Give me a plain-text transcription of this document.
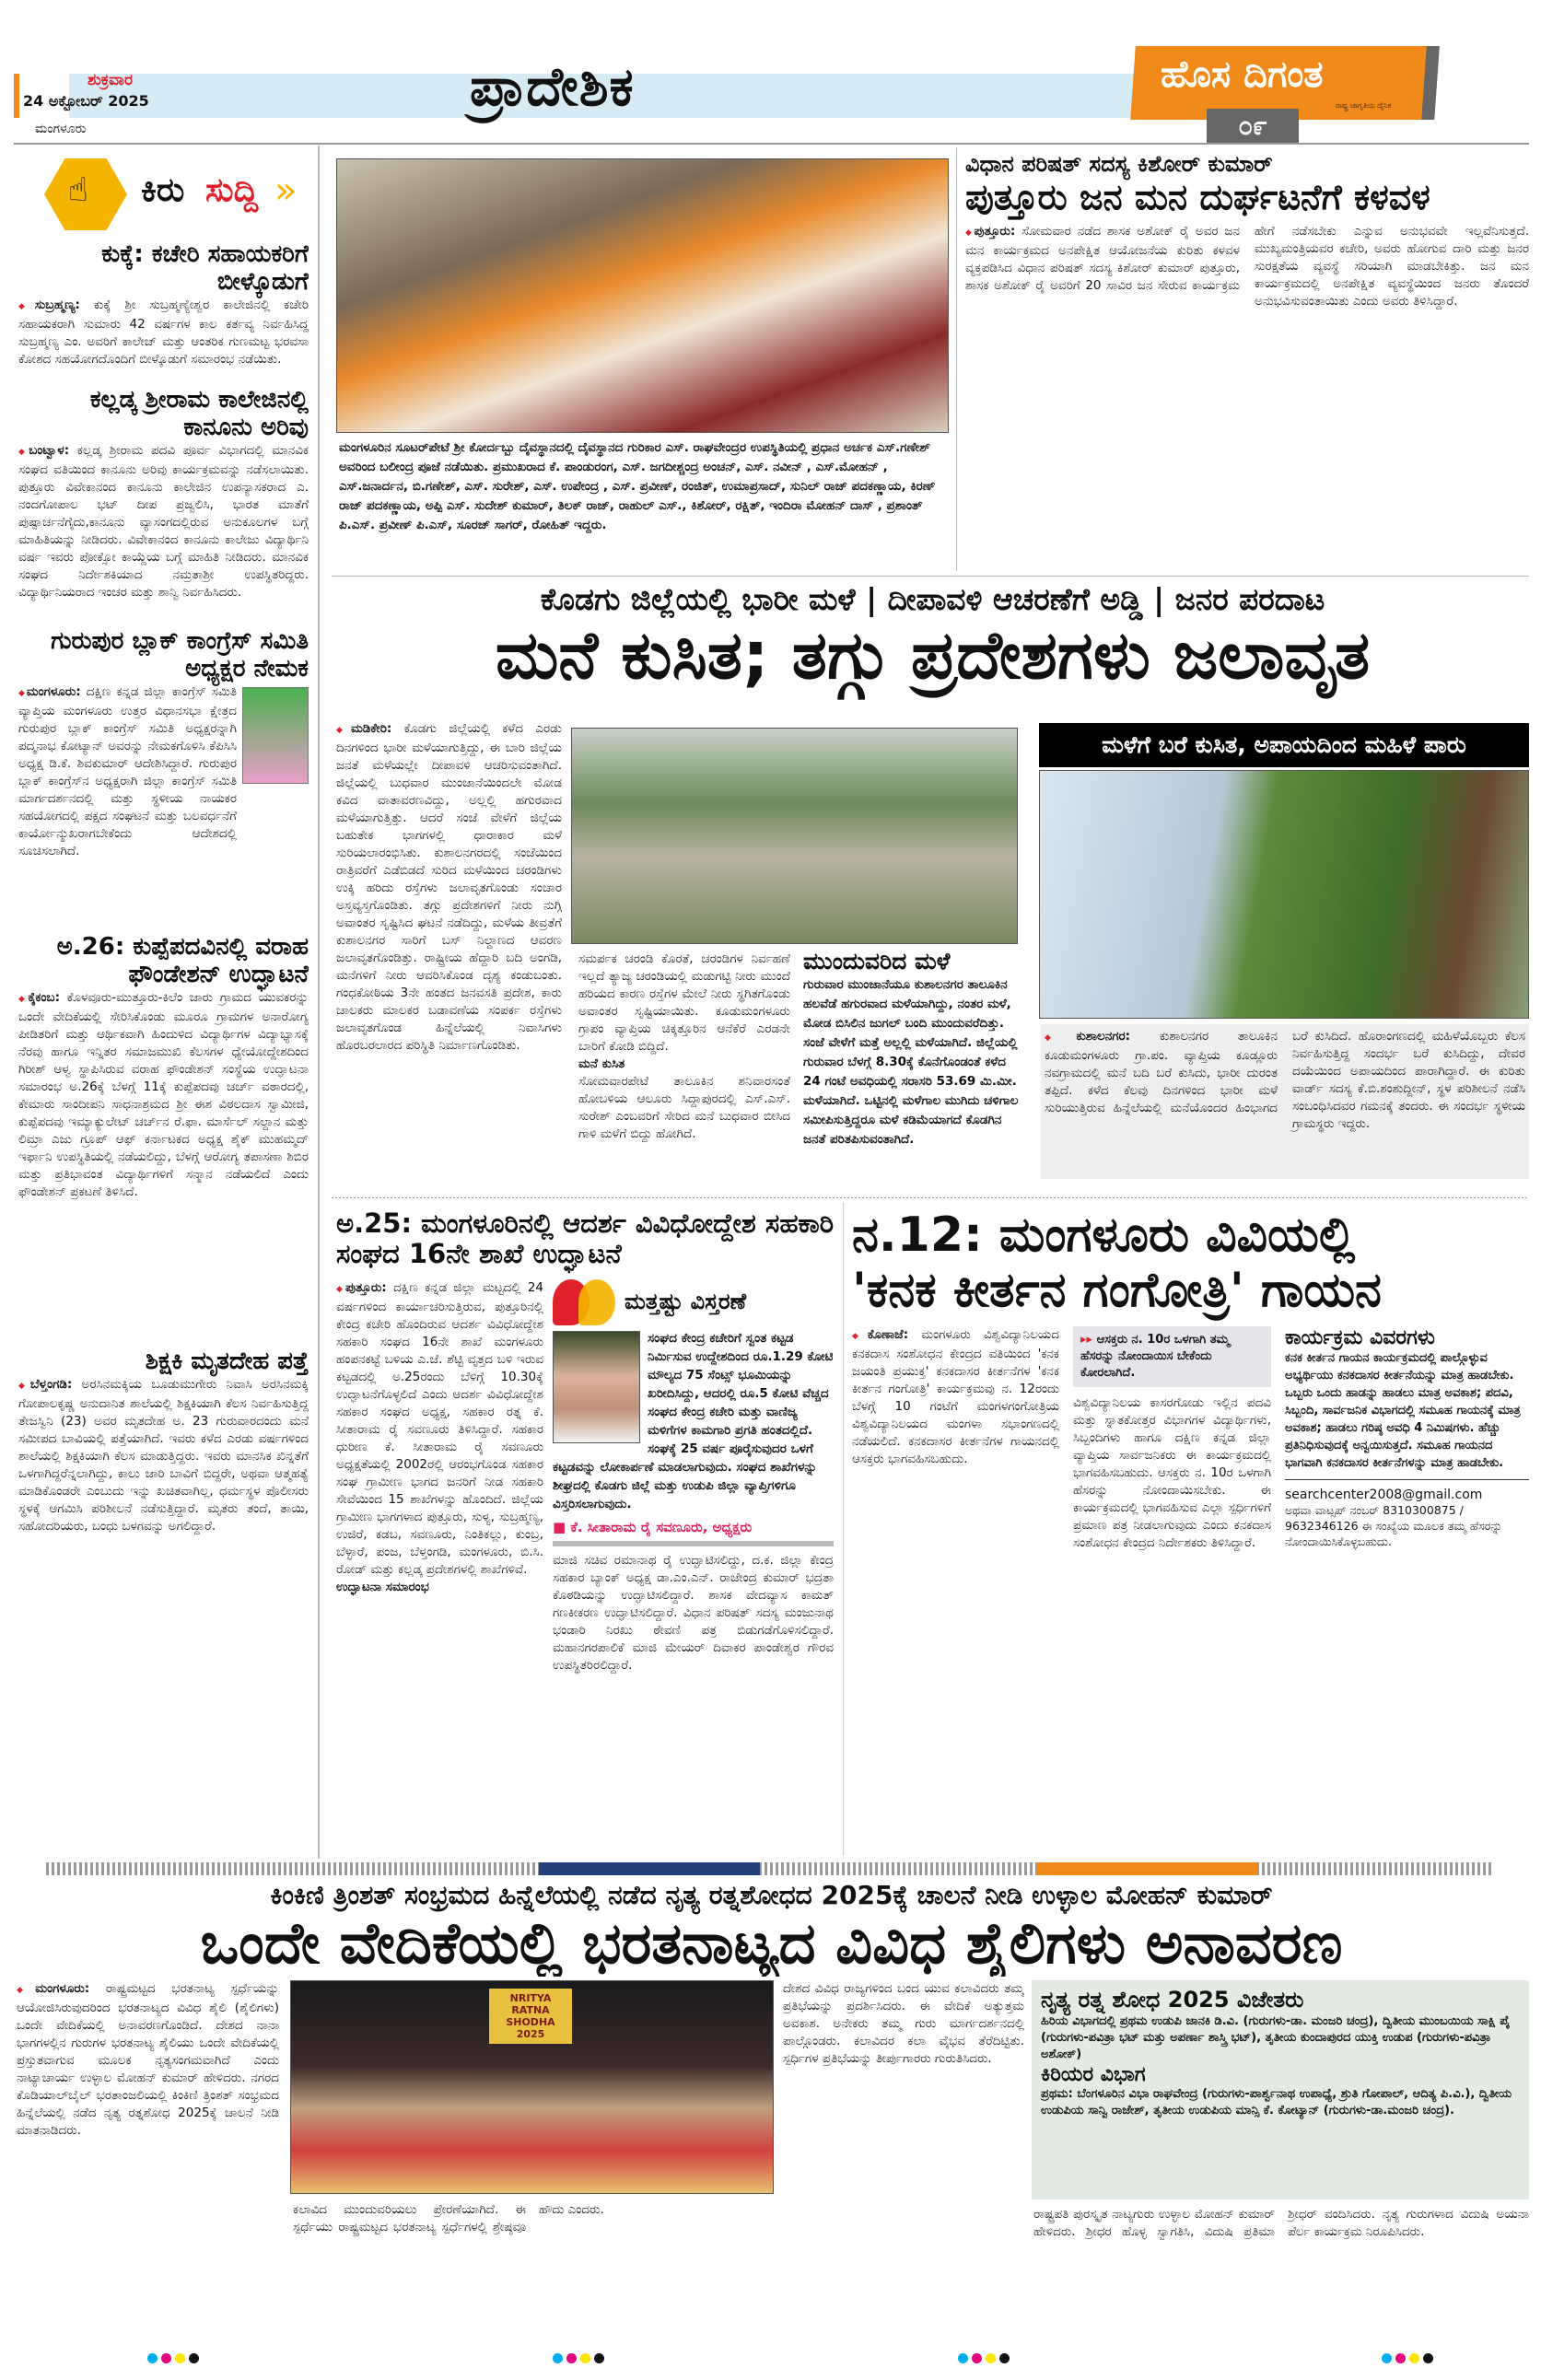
ಶುಕ್ರವಾರ
24 ಅಕ್ಟೋಬರ್ 2025
ಮಂಗಳೂರು
ಪ್ರಾದೇಶಿಕ	ಹೊಸ ದಿಗಂತ
ರಾಷ್ಟ್ರ ಜಾಗೃತಿಯ ದೈನಿಕ
೦೯
☝ ಕಿರು ಸುದ್ದಿ »
ಕುಕ್ಕೆ: ಕಚೇರಿ ಸಹಾಯಕರಿಗೆ ಬೀಳ್ಕೊಡುಗೆ
◆ ಸುಬ್ರಹ್ಮಣ್ಯ: ಕುಕ್ಕೆ ಶ್ರೀ ಸುಬ್ರಹ್ಮಣ್ಯೇಶ್ವರ ಕಾಲೇಜಿನಲ್ಲಿ ಕಚೇರಿ ಸಹಾಯಕರಾಗಿ ಸುಮಾರು 42 ವರ್ಷಗಳ ಕಾಲ ಕರ್ತವ್ಯ ನಿರ್ವಹಿಸಿದ್ದ ಸುಬ್ರಹ್ಮಣ್ಯ ಎಂ. ಅವರಿಗೆ ಕಾಲೇಜ್ ಮತ್ತು ಆಂತರಿಕ ಗುಣಮಟ್ಟ ಭರವಸಾ ಕೋಶದ ಸಹಯೋಗದೊಂದಿಗೆ ಬೀಳ್ಕೊಡುಗೆ ಸಮಾರಂಭ ನಡೆಯಿತು.
ಕಲ್ಲಡ್ಕ ಶ್ರೀರಾಮ ಕಾಲೇಜಿನಲ್ಲಿ ಕಾನೂನು ಅರಿವು
◆ ಬಂಟ್ವಾಳ: ಕಲ್ಲಡ್ಕ ಶ್ರೀರಾಮ ಪದವಿ ಪೂರ್ವ ವಿಭಾಗದಲ್ಲಿ ಮಾನವಿಕ ಸಂಘದ ವತಿಯಿಂದ ಕಾನೂನು ಅರಿವು ಕಾರ್ಯಕ್ರಮವನ್ನು ನಡೆಸಲಾಯಿತು. ಪುತ್ತೂರು ವಿವೇಕಾನಂದ ಕಾನೂನು ಕಾಲೇಜಿನ ಉಪನ್ಯಾಸಕರಾದ ಎ. ನಂದಗೋಪಾಲ ಭಟ್ ದೀಪ ಪ್ರಜ್ವಲಿಸಿ, ಭಾರತ ಮಾತೆಗೆ ಪುಷ್ಪಾರ್ಚನೆಗೈದು,ಕಾನೂನು ವ್ಯಾಸಂಗದಲ್ಲಿರುವ ಅನುಕೂಲಗಳ ಬಗ್ಗೆ ಮಾಹಿತಿಯನ್ನು ನೀಡಿದರು. ವಿವೇಕಾನಂದ ಕಾನೂನು ಕಾಲೇಜು ವಿದ್ಯಾರ್ಥಿನಿ ವರ್ಷ ಇವರು ಪೋಕ್ಸೋ ಕಾಯ್ದೆಯ ಬಗ್ಗೆ ಮಾಹಿತಿ ನೀಡಿದರು. ಮಾನವಿಕ ಸಂಘದ ನಿರ್ದೇಶಕಿಯಾದ ನಮ್ರತಾಶ್ರೀ ಉಪಸ್ಥಿತರಿದ್ದರು. ವಿದ್ಯಾರ್ಥಿನಿಯರಾದ ಇಂಚರ ಮತ್ತು ಶಾನ್ವಿ ನಿರ್ವಹಿಸಿದರು.
ಗುರುಪುರ ಬ್ಲಾಕ್ ಕಾಂಗ್ರೆಸ್ ಸಮಿತಿ ಅಧ್ಯಕ್ಷರ ನೇಮಕ
◆ ಮಂಗಳೂರು: ದಕ್ಷಿಣ ಕನ್ನಡ ಜಿಲ್ಲಾ ಕಾಂಗ್ರೆಸ್ ಸಮಿತಿ ವ್ಯಾಪ್ತಿಯ ಮಂಗಳೂರು ಉತ್ತರ ವಿಧಾನಸಭಾ ಕ್ಷೇತ್ರದ ಗುರುಪುರ ಬ್ಲಾಕ್ ಕಾಂಗ್ರೆಸ್ ಸಮಿತಿ ಅಧ್ಯಕ್ಷರನ್ನಾಗಿ ಪದ್ಮನಾಭ ಕೋಟ್ಯಾನ್ ಅವರನ್ನು ನೇಮಕಗೊಳಿಸಿ ಕೆಪಿಸಿಸಿ ಅಧ್ಯಕ್ಷ ಡಿ.ಕೆ. ಶಿವಕುಮಾರ್ ಆದೇಶಿಸಿದ್ದಾರೆ. ಗುರುಪುರ ಬ್ಲಾಕ್ ಕಾಂಗ್ರೆಸ್‌ನ ಅಧ್ಯಕ್ಷರಾಗಿ ಜಿಲ್ಲಾ ಕಾಂಗ್ರೆಸ್ ಸಮಿತಿ ಮಾರ್ಗದರ್ಶನದಲ್ಲಿ ಮತ್ತು ಸ್ಥಳೀಯ ನಾಯಕರ ಸಹಯೋಗದಲ್ಲಿ ಪಕ್ಷದ ಸಂಘಟನೆ ಮತ್ತು ಬಲವರ್ಧನೆಗೆ ಕಾರ್ಯೋನ್ಮುಖರಾಗಬೇಕೆಂದು ಆದೇಶದಲ್ಲಿ ಸೂಚಿಸಲಾಗಿದೆ.
ಅ.26: ಕುಪ್ಪೆಪದವಿನಲ್ಲಿ ವರಾಹ ಫೌಂಡೇಶನ್ ಉದ್ಘಾಟನೆ
◆ ಕೈಕಂಬ: ಕೊಳವೂರು-ಮುತ್ತೂರು-ಕಿಲೆಂ ಜಾರು ಗ್ರಾಮದ ಯುವಕರನ್ನು ಒಂದೇ ವೇದಿಕೆಯಲ್ಲಿ ಸೇರಿಸಿಕೊಂಡು ಮೂರೂ ಗ್ರಾಮಗಳ ಅನಾರೋಗ್ಯ ಪೀಡಿತರಿಗೆ ಮತ್ತು ಆರ್ಥಿಕವಾಗಿ ಹಿಂದುಳಿದ ವಿದ್ಯಾರ್ಥಿಗಳ ವಿದ್ಯಾಭ್ಯಾಸಕ್ಕೆ ನೆರವು ಹಾಗೂ ಇನ್ನಿತರ ಸಮಾಜಮುಖಿ ಕೆಲಸಗಳ ಧ್ಯೇಯೋದ್ದೇಶದಿಂದ ಗಿರೀಶ್ ಆಳ್ವ ಸ್ಥಾಪಿಸಿರುವ ವರಾಹ ಫೌಂಡೇಶನ್ ಸಂಸ್ಥೆಯ ಉದ್ಘಾಟನಾ ಸಮಾರಂಭ ಅ.26ಕ್ಕೆ ಬೆಳಗ್ಗೆ 11ಕ್ಕೆ ಕುಪ್ಪೆಪದವು ಚರ್ಚ್ ವಠಾರದಲ್ಲಿ, ಕೇಮಾರು ಸಾಂದೀಪನಿ ಸಾಧನಾಶ್ರಮದ ಶ್ರೀ ಈಶ ವಿಠಲದಾಸ ಸ್ವಾಮೀಜಿ, ಕುಪ್ಪೆಪದವು ಇಮ್ಯಾಕ್ಯುಲೇಟ್ ಚರ್ಚ್‌ನ ರೆ.ಫಾ. ಮಾರ್ಸೆಲ್ ಸಲ್ದಾನ ಮತ್ತು ಲಿಮ್ರಾ ಎಜು ಗ್ರೂಪ್ ಆಫ್ ಕರ್ನಾಟಕದ ಅಧ್ಯಕ್ಷ ಶೈಕ್ ಮುಹಮ್ಮದ್ ಇರ್ಫಾನಿ ಉಪಸ್ಥಿತಿಯಲ್ಲಿ ನಡೆಯಲಿದ್ದು, ಬೆಳಗ್ಗೆ ಆರೋಗ್ಯ ತಪಾಸಣಾ ಶಿಬಿರ ಮತ್ತು ಪ್ರತಿಭಾವಂತ ವಿದ್ಯಾರ್ಥಿಗಳಿಗೆ ಸನ್ಮಾನ ನಡೆಯಲಿದೆ ಎಂದು ಫೌಂಡೇಶನ್ ಪ್ರಕಟಣೆ ತಿಳಿಸಿದೆ.
ಶಿಕ್ಷಕಿ ಮೃತದೇಹ ಪತ್ತೆ
◆ ಬೆಳ್ತಂಗಡಿ: ಅರಸಿನಮಕ್ಕಿಯ ಬೂಡುಮುಗೇರು ನಿವಾಸಿ ಅರಸಿನಮಕ್ಕಿ ಗೋಪಾಲಕೃಷ್ಣ ಅನುದಾನಿತ ಶಾಲೆಯಲ್ಲಿ ಶಿಕ್ಷಕಿಯಾಗಿ ಕೆಲಸ ನಿರ್ವಹಿಸುತ್ತಿದ್ದ ತೇಜಸ್ವಿನಿ (23) ಅವರ ಮೃತದೇಹ ಅ. 23 ಗುರುವಾರದಂದು ಮನೆ ಸಮೀಪದ ಬಾವಿಯಲ್ಲಿ ಪತ್ತೆಯಾಗಿದೆ. ಇವರು ಕಳೆದ ಎರಡು ವರ್ಷಗಳಿಂದ ಶಾಲೆಯಲ್ಲಿ ಶಿಕ್ಷಕಿಯಾಗಿ ಕೆಲಸ ಮಾಡುತ್ತಿದ್ದರು. ಇವರು ಮಾನಸಿಕ ಖಿನ್ನತೆಗೆ ಒಳಗಾಗಿದ್ದರೆನ್ನಲಾಗಿದ್ದು, ಕಾಲು ಜಾರಿ ಬಾವಿಗೆ ಬಿದ್ದರೇ, ಅಥವಾ ಆತ್ಮಹತ್ಯೆ ಮಾಡಿಕೊಂಡರೇ ಎಂಬುದು ಇನ್ನು ಖಚಿತವಾಗಿಲ್ಲ, ಧರ್ಮಸ್ಥಳ ಪೊಲೀಸರು ಸ್ಥಳಕ್ಕೆ ಆಗಮಿಸಿ ಪರಿಶೀಲನೆ ನಡೆಸುತ್ತಿದ್ದಾರೆ. ಮೃತರು ತಂದೆ, ತಾಯಿ, ಸಹೋದರಿಯರು, ಬಂಧು ಬಳಗವನ್ನು ಅಗಲಿದ್ದಾರೆ.
ಮಂಗಳೂರಿನ ಸೂಟರ್‌ಪೇಟೆ ಶ್ರೀ ಕೋರ್ದಬ್ಬು ದೈವಸ್ಥಾನದಲ್ಲಿ ದೈವಸ್ಥಾನದ ಗುರಿಕಾರ ಎಸ್. ರಾಘವೇಂದ್ರರ ಉಪಸ್ಥಿತಿಯಲ್ಲಿ ಪ್ರಧಾನ ಅರ್ಚಕ ಎಸ್.ಗಣೇಶ್ ಅವರಿಂದ ಬಲೀಂದ್ರ ಪೂಜೆ ನಡೆಯಿತು. ಪ್ರಮುಖರಾದ ಕೆ. ಪಾಂಡುರಂಗ, ಎಸ್. ಜಗದೀಶ್ಚಂದ್ರ ಅಂಚನ್, ಎಸ್. ನವೀನ್ , ಎಸ್.ಮೋಹನ್ , ಎಸ್.ಜನಾರ್ದನ, ಬಿ.ಗಣೇಶ್, ಎಸ್. ಸುರೇಶ್, ಎಸ್. ಉಪೇಂದ್ರ , ಎಸ್. ಪ್ರವೀಣ್, ರಂಜಿತ್, ಉಮಾಪ್ರಸಾದ್, ಸುನಿಲ್ ರಾಜ್ ಪದಕಣ್ಣಾಯ, ಕಿರಣ್ ರಾಜ್ ಪದಕಣ್ಣಾಯ, ಅಪ್ಪಿ ಎಸ್. ಸುದೇಶ್ ಕುಮಾರ್, ತಿಲಕ್ ರಾಜ್, ರಾಹುಲ್ ಎಸ್., ಕಿಶೋರ್, ರಕ್ಷಿತ್, ಇಂದಿರಾ ಮೋಹನ್ ದಾಸ್ , ಪ್ರಶಾಂತ್ ಪಿ.ಎಸ್. ಪ್ರವೀಣ್ ಪಿ.ಎಸ್, ಸೂರಜ್ ಸಾಗರ್, ರೋಹಿತ್ ಇದ್ದರು.
ವಿಧಾನ ಪರಿಷತ್ ಸದಸ್ಯ ಕಿಶೋರ್ ಕುಮಾರ್
ಪುತ್ತೂರು ಜನ ಮನ ದುರ್ಘಟನೆಗೆ ಕಳವಳ
◆ ಪುತ್ತೂರು: ಸೋಮವಾರ ನಡೆದ ಶಾಸಕ ಅಶೋಕ್ ರೈ ಅವರ ಜನ ಮನ ಕಾರ್ಯಕ್ರಮದ ಅನಪೇಕ್ಷಿತ ಆಯೋಜನೆಯ ಕುರಿತು ಕಳವಳ ವ್ಯಕ್ತಪಡಿಸಿದ ವಿಧಾನ ಪರಿಷತ್ ಸದಸ್ಯ ಕಿಶೋರ್ ಕುಮಾರ್ ಪುತ್ತೂರು, ಶಾಸಕ ಅಶೋಕ್ ರೈ ಅವರಿಗೆ 20 ಸಾವಿರ ಜನ ಸೇರುವ ಕಾರ್ಯಕ್ರಮ ಹೇಗೆ ನಡೆಸಬೇಕು ಎನ್ನುವ ಅನುಭವವೇ ಇಲ್ಲವೆನಿಸುತ್ತದೆ. ಮುಖ್ಯಮಂತ್ರಿಯವರ ಕಚೇರಿ, ಅವರು ಹೋಗುವ ದಾರಿ ಮತ್ತು ಜನರ ಸುರಕ್ಷತೆಯ ವ್ಯವಸ್ಥೆ ಸರಿಯಾಗಿ ಮಾಡಬೇಕಿತ್ತು. ಜನ ಮನ ಕಾರ್ಯಕ್ರಮದಲ್ಲಿ ಅನಪೇಕ್ಷಿತ ವ್ಯವಸ್ಥೆಯಿಂದ ಜನರು ತೊಂದರೆ ಅನುಭವಿಸುವಂತಾಯಿತು ಎಂದು ಅವರು ತಿಳಿಸಿದ್ದಾರೆ.
ಕೊಡಗು ಜಿಲ್ಲೆಯಲ್ಲಿ ಭಾರೀ ಮಳೆ | ದೀಪಾವಳಿ ಆಚರಣೆಗೆ ಅಡ್ಡಿ | ಜನರ ಪರದಾಟ
ಮನೆ ಕುಸಿತ; ತಗ್ಗು ಪ್ರದೇಶಗಳು ಜಲಾವೃತ
◆ ಮಡಿಕೇರಿ: ಕೊಡಗು ಜಿಲ್ಲೆಯಲ್ಲಿ ಕಳೆದ ಎರಡು ದಿನಗಳಿಂದ ಭಾರೀ ಮಳೆಯಾಗುತ್ತಿದ್ದು, ಈ ಬಾರಿ ಜಿಲ್ಲೆಯ ಜನತೆ ಮಳೆಯಲ್ಲೇ ದೀಪಾವಳಿ ಆಚರಿಸುವಂತಾಗಿದೆ. ಜಿಲ್ಲೆಯಲ್ಲಿ ಬುಧವಾರ ಮುಂಜಾನೆಯಿಂದಲೇ ಮೋಡ ಕವಿದ ವಾತಾವರಣವಿದ್ದು, ಅಲ್ಲಲ್ಲಿ ಹಗುರವಾದ ಮಳೆಯಾಗುತ್ತಿತ್ತು. ಆದರೆ ಸಂಜೆ ವೇಳೆಗೆ ಜಿಲ್ಲೆಯ ಬಹುತೇಕ ಭಾಗಗಳಲ್ಲಿ ಧಾರಾಕಾರ ಮಳೆ ಸುರಿಯಲಾರಂಭಿಸಿತು. ಕುಶಾಲನಗರದಲ್ಲಿ ಸಂಜೆಯಿಂದ ರಾತ್ರಿವರೆಗೆ ಎಡೆಬಿಡದೆ ಸುರಿದ ಮಳೆಯಿಂದ ಚರಂಡಿಗಳು ಉಕ್ಕಿ ಹರಿದು ರಸ್ತೆಗಳು ಜಲಾವೃತಗೊಂಡು ಸಂಚಾರ ಅಸ್ತವ್ಯಸ್ತಗೊಂಡಿತು. ತಗ್ಗು ಪ್ರದೇಶಗಳಿಗೆ ನೀರು ನುಗ್ಗಿ ಅವಾಂತರ ಸೃಷ್ಟಿಸಿದ ಘಟನೆ ನಡೆದಿದ್ದು, ಮಳೆಯ ತೀವ್ರತೆಗೆ ಕುಶಾಲನಗರ ಸಾರಿಗೆ ಬಸ್ ನಿಲ್ದಾಣದ ಆವರಣ ಜಲಾವೃತಗೊಂಡಿತ್ತು. ರಾಷ್ಟ್ರೀಯ ಹೆದ್ದಾರಿ ಬದಿ ಅಂಗಡಿ, ಮನೆಗಳಿಗೆ ನೀರು ಆವರಿಸಿಕೊಂಡ ದೃಶ್ಯ ಕಂಡುಬಂತು. ಗಂಧಕೋಠಿಯ 3ನೇ ಹಂತದ ಜನವಸತಿ ಪ್ರದೇಶ, ಕಾರು ಚಾಲಕರು ಮಾಲಕರ ಬಡಾವಣೆಯ ಸಂಪರ್ಕ ರಸ್ತೆಗಳು ಜಲಾವೃತಗೊಂಡ ಹಿನ್ನೆಲೆಯಲ್ಲಿ ನಿವಾಸಿಗಳು ಹೊರಬರಲಾರದ ಪರಿಸ್ಥಿತಿ ನಿರ್ಮಾಣಗೊಂಡಿತು.
ಸಮರ್ಪಕ ಚರಂಡಿ ಕೊರತೆ, ಚರಂಡಿಗಳ ನಿರ್ವಹಣೆ ಇಲ್ಲದೆ ತ್ಯಾಜ್ಯ ಚರಂಡಿಯಲ್ಲಿ ಮಡುಗಟ್ಟಿ ನೀರು ಮುಂದೆ ಹರಿಯದ ಕಾರಣ ರಸ್ತೆಗಳ ಮೇಲೆ ನೀರು ಸ್ಥಗಿತಗೊಂಡು ಅವಾಂತರ ಸೃಷ್ಟಿಯಾಯಿತು. ಕೂಡುಮಂಗಳೂರು ಗ್ರಾಪಂ ವ್ಯಾಪ್ತಿಯ ಚಿಕ್ಕತ್ತೂರಿನ ಆನೆಕೆರೆ ಎರಡನೇ ಬಾರಿಗೆ ಕೋಡಿ ಬಿದ್ದಿದೆ.
ಮನೆ ಕುಸಿತ
ಸೋಮವಾರಪೇಟೆ ತಾಲೂಕಿನ ಶನಿವಾರಸಂತೆ ಹೋಬಳಿಯ ಆಲೂರು ಸಿದ್ದಾಪುರದಲ್ಲಿ ಎಸ್.ಎಸ್. ಸುರೇಶ್ ಎಂಬವರಿಗೆ ಸೇರಿದ ಮನೆ ಬುಧವಾರ ಬೀಸಿದ ಗಾಳಿ ಮಳೆಗೆ ಬಿದ್ದು ಹೋಗಿದೆ.
ಮುಂದುವರಿದ ಮಳೆ
ಗುರುವಾರ ಮುಂಜಾನೆಯೂ ಕುಶಾಲನಗರ ತಾಲೂಕಿನ ಹಲವೆಡೆ ಹಗುರವಾದ ಮಳೆಯಾಗಿದ್ದು, ನಂತರ ಮಳೆ, ಮೋಡ ಬಿಸಿಲಿನ ಜುಗಲ್ ಬಂದಿ ಮುಂದುವರೆದಿತ್ತು. ಸಂಜೆ ವೇಳೆಗೆ ಮತ್ತೆ ಅಲ್ಲಲ್ಲಿ ಮಳೆಯಾಗಿದೆ. ಜಿಲ್ಲೆಯಲ್ಲಿ ಗುರುವಾರ ಬೆಳಗ್ಗೆ 8.30ಕ್ಕೆ ಕೊನೆಗೊಂಡಂತೆ ಕಳೆದ 24 ಗಂಟೆ ಅವಧಿಯಲ್ಲಿ ಸರಾಸರಿ 53.69 ಮಿ.ಮೀ. ಮಳೆಯಾಗಿದೆ. ಒಟ್ಟಿನಲ್ಲಿ ಮಳೆಗಾಲ ಮುಗಿದು ಚಳಿಗಾಲ ಸಮೀಪಿಸುತ್ತಿದ್ದರೂ ಮಳೆ ಕಡಿಮೆಯಾಗದೆ ಕೊಡಗಿನ ಜನತೆ ಪರಿತಪಿಸುವಂತಾಗಿದೆ.
ಮಳೆಗೆ ಬರೆ ಕುಸಿತ, ಅಪಾಯದಿಂದ ಮಹಿಳೆ ಪಾರು
◆ ಕುಶಾಲನಗರ: ಕುಶಾಲನಗರ ತಾಲೂಕಿನ ಕೂಡುಮಂಗಳೂರು ಗ್ರಾ.ಪಂ. ವ್ಯಾಪ್ತಿಯ ಕೂಡ್ಲೂರು ನವಗ್ರಾಮದಲ್ಲಿ ಮನೆ ಬದಿ ಬರೆ ಕುಸಿದು, ಭಾರೀ ದುರಂತ ತಪ್ಪಿದೆ. ಕಳೆದ ಕೆಲವು ದಿನಗಳಿಂದ ಭಾರೀ ಮಳೆ ಸುರಿಯುತ್ತಿರುವ ಹಿನ್ನೆಲೆಯಲ್ಲಿ ಮನೆಯೊಂದರ ಹಿಂಭಾಗದ ಬರೆ ಕುಸಿದಿದೆ. ಹೊರಾಂಗಣದಲ್ಲಿ ಮಹಿಳೆಯೊಬ್ಬರು ಕೆಲಸ ನಿರ್ವಹಿಸುತ್ತಿದ್ದ ಸಂದರ್ಭ ಬರೆ ಕುಸಿದಿದ್ದು, ದೇವರ ದಯೆಯಿಂದ ಅಪಾಯದಿಂದ ಪಾರಾಗಿದ್ದಾರೆ. ಈ ಕುರಿತು ವಾರ್ಡ್ ಸದಸ್ಯ ಕೆ.ಬಿ.ಶಂಶುದ್ದೀನ್, ಸ್ಥಳ ಪರಿಶೀಲನೆ ನಡೆಸಿ ಸಂಬಂಧಿಸಿದವರ ಗಮನಕ್ಕೆ ತಂದರು. ಈ ಸಂದರ್ಭ ಸ್ಥಳೀಯ ಗ್ರಾಮಸ್ಥರು ಇದ್ದರು.
ಅ.25: ಮಂಗಳೂರಿನಲ್ಲಿ ಆದರ್ಶ ವಿವಿಧೋದ್ದೇಶ ಸಹಕಾರಿ ಸಂಘದ 16ನೇ ಶಾಖೆ ಉದ್ಘಾಟನೆ
◆ ಪುತ್ತೂರು: ದಕ್ಷಿಣ ಕನ್ನಡ ಜಿಲ್ಲಾ ಮಟ್ಟದಲ್ಲಿ 24 ವರ್ಷಗಳಿಂದ ಕಾರ್ಯಾಚರಿಸುತ್ತಿರುವ, ಪುತ್ತೂರಿನಲ್ಲಿ ಕೇಂದ್ರ ಕಚೇರಿ ಹೊಂದಿರುವ ಆದರ್ಶ ವಿವಿಧೋದ್ದೇಶ ಸಹಕಾರಿ ಸಂಘದ 16ನೇ ಶಾಖೆ ಮಂಗಳೂರು ಹಂಪನಕಟ್ಟೆ ಬಳಿಯ ಎ.ಜೆ. ಶೆಟ್ಟಿ ವೃತ್ತದ ಬಳಿ ಇರುವ ಕಟ್ಟಡದಲ್ಲಿ ಅ.25ರಂದು ಬೆಳಿಗ್ಗೆ 10.30ಕ್ಕೆ ಉದ್ಘಾಟನೆಗೊಳ್ಳಲಿದೆ ಎಂದು ಆದರ್ಶ ವಿವಿಧೋದ್ದೇಶ ಸಹಕಾರ ಸಂಘದ ಅಧ್ಯಕ್ಷ, ಸಹಕಾರ ರತ್ನ ಕೆ. ಸೀತಾರಾಮ ರೈ ಸವಣೂರು ತಿಳಿಸಿದ್ದಾರೆ. ಸಹಕಾರ ಧುರೀಣ ಕೆ. ಸೀತಾರಾಮ ರೈ ಸವಣೂರು ಅಧ್ಯಕ್ಷತೆಯಲ್ಲಿ 2002ರಲ್ಲಿ ಆರಂಭಗೊಂಡ ಸಹಕಾರ ಸಂಘ ಗ್ರಾಮೀಣ ಭಾಗದ ಜನರಿಗೆ ನೀಡ ಸಹಕಾರಿ ಸೇವೆಯಿಂದ 15 ಶಾಖೆಗಳನ್ನು ಹೊಂದಿದೆ. ಜಿಲ್ಲೆಯ ಗ್ರಾಮೀಣ ಭಾಗಗಳಾದ ಪುತ್ತೂರು, ಸುಳ್ಯ, ಸುಬ್ರಹ್ಮಣ್ಯ, ಉಜಿರೆ, ಕಡಬ, ಸವಣೂರು, ನಿಂತಿಕಲ್ಲು, ಕುಂಬ್ರ, ಬೆಳ್ಳಾರೆ, ಪಂಜ, ಬೆಳ್ತಂಗಡಿ, ಮಂಗಳೂರು, ಬಿ.ಸಿ. ರೋಡ್ ಮತ್ತು ಕಲ್ಲಡ್ಕ ಪ್ರದೇಶಗಳಲ್ಲಿ ಶಾಖೆಗಳಿವೆ.
ಉದ್ಘಾಟನಾ ಸಮಾರಂಭ
ಮತ್ತಷ್ಟು ವಿಸ್ತರಣೆ
ಸಂಘದ ಕೇಂದ್ರ ಕಚೇರಿಗೆ ಸ್ವಂತ ಕಟ್ಟಡ ನಿರ್ಮಿಸುವ ಉದ್ದೇಶದಿಂದ ರೂ.1.29 ಕೋಟಿ ಮೌಲ್ಯದ 75 ಸೆಂಟ್ಸ್ ಭೂಮಿಯನ್ನು ಖರೀದಿಸಿದ್ದು, ಆದರಲ್ಲಿ ರೂ.5 ಕೋಟಿ ವೆಚ್ಚದ ಸಂಘದ ಕೇಂದ್ರ ಕಚೇರಿ ಮತ್ತು ವಾಣಿಜ್ಯ ಮಳಿಗೆಗಳ ಕಾಮಗಾರಿ ಪ್ರಗತಿ ಹಂತದಲ್ಲಿದೆ. ಸಂಘಕ್ಕೆ 25 ವರ್ಷ ಪೂರೈಸುವುದರ ಒಳಗೆ ಕಟ್ಟಡವನ್ನು ಲೋಕಾರ್ಪಣೆ ಮಾಡಲಾಗುವುದು. ಸಂಘದ ಶಾಖೆಗಳನ್ನು ಶೀಘ್ರದಲ್ಲಿ ಕೊಡಗು ಜಿಲ್ಲೆ ಮತ್ತು ಉಡುಪಿ ಜಿಲ್ಲಾ ವ್ಯಾಪ್ತಿಗಳಿಗೂ ವಿಸ್ತರಿಸಲಾಗುವುದು.
■ ಕೆ. ಸೀತಾರಾಮ ರೈ ಸವಣೂರು, ಅಧ್ಯಕ್ಷರು
ಮಾಜಿ ಸಚಿವ ರಮಾನಾಥ ರೈ ಉದ್ಘಾಟಿಸಲಿದ್ದು, ದ.ಕ. ಜಿಲ್ಲಾ ಕೇಂದ್ರ ಸಹಕಾರ ಬ್ಯಾಂಕ್ ಅಧ್ಯಕ್ಷ ಡಾ.ಎಂ.ಎನ್. ರಾಜೇಂದ್ರ ಕುಮಾರ್ ಭದ್ರತಾ ಕೊಠಡಿಯನ್ನು ಉದ್ಘಾಟಿಸಲಿದ್ದಾರೆ. ಶಾಸಕ ವೇದವ್ಯಾಸ ಕಾಮತ್ ಗಣಕೀಕರಣ ಉದ್ಘಾಟಿಸಲಿದ್ದಾರೆ. ವಿಧಾನ ಪರಿಷತ್ ಸದಸ್ಯ ಮಂಜುನಾಥ ಭಂಡಾರಿ ನಿರಖು ಠೇವಣಿ ಪತ್ರ ಬಿಡುಗಡೆಗೊಳಿಸಲಿದ್ದಾರೆ. ಮಹಾನಗರಪಾಲಿಕೆ ಮಾಜಿ ಮೇಯರ್ ದಿವಾಕರ ಪಾಂಡೇಶ್ವರ ಗೌರವ ಉಪಸ್ಥಿತರಿರಲಿದ್ದಾರೆ.
ನ.12: ಮಂಗಳೂರು ವಿವಿಯಲ್ಲಿ
'ಕನಕ ಕೀರ್ತನ ಗಂಗೋತ್ರಿ' ಗಾಯನ
◆ ಕೊಣಾಜೆ: ಮಂಗಳೂರು ವಿಶ್ವವಿದ್ಯಾನಿಲಯದ ಕನಕದಾಸ ಸಂಶೋಧನ ಕೇಂದ್ರದ ವತಿಯಿಂದ 'ಕನಕ ಜಯಂತಿ ಪ್ರಯುಕ್ತ' ಕನಕದಾಸರ ಕೀರ್ತನೆಗಳ 'ಕನಕ ಕೀರ್ತನ ಗಂಗೋತ್ರಿ' ಕಾರ್ಯಕ್ರಮವು ನ. 12ರಂದು ಬೆಳಗ್ಗೆ 10 ಗಂಟೆಗೆ ಮಂಗಳಗಂಗೋತ್ರಿಯ ವಿಶ್ವವಿದ್ಯಾನಿಲಯದ ಮಂಗಳಾ ಸಭಾಂಗಣದಲ್ಲಿ ನಡೆಯಲಿದೆ. ಕನಕದಾಸರ ಕೀರ್ತನೆಗಳ ಗಾಯನದಲ್ಲಿ ಆಸಕ್ತರು ಭಾಗವಹಿಸಬಹುದು.
▸▸ ಆಸಕ್ತರು ನ. 10ರ ಒಳಗಾಗಿ ತಮ್ಮ ಹೆಸರನ್ನು ನೋಂದಾಯಿಸ ಬೇಕೆಂದು ಕೋರಲಾಗಿದೆ.
ವಿಶ್ವವಿದ್ಯಾನಿಲಯ ಕಾಸರಗೋಡು ಇಲ್ಲಿನ ಪದವಿ ಮತ್ತು ಸ್ನಾತಕೋತ್ತರ ವಿಭಾಗಗಳ ವಿದ್ಯಾರ್ಥಿಗಳು, ಸಿಬ್ಬಂದಿಗಳು ಹಾಗೂ ದಕ್ಷಿಣ ಕನ್ನಡ ಜಿಲ್ಲಾ ವ್ಯಾಪ್ತಿಯ ಸಾರ್ವಜನಿಕರು ಈ ಕಾರ್ಯಕ್ರಮದಲ್ಲಿ ಭಾಗವಹಿಸಬಹುದು. ಆಸಕ್ತರು ನ. 10ರ ಒಳಗಾಗಿ ಹೆಸರನ್ನು ನೋಂದಾಯಿಸಬೇಕು. ಈ ಕಾರ್ಯಕ್ರಮದಲ್ಲಿ ಭಾಗವಹಿಸುವ ಎಲ್ಲಾ ಸ್ಪರ್ಧಿಗಳಿಗೆ ಪ್ರಮಾಣ ಪತ್ರ ನೀಡಲಾಗುವುದು ಎಂದು ಕನಕದಾಸ ಸಂಶೋಧನ ಕೇಂದ್ರದ ನಿರ್ದೇಶಕರು ತಿಳಿಸಿದ್ದಾರೆ.
ಕಾರ್ಯಕ್ರಮ ವಿವರಗಳು
ಕನಕ ಕೀರ್ತನ ಗಾಯನ ಕಾರ್ಯಕ್ರಮದಲ್ಲಿ ಪಾಲ್ಗೊಳ್ಳುವ ಅಭ್ಯರ್ಥಿಯು ಕನಕದಾಸರ ಕೀರ್ತನೆಯನ್ನು ಮಾತ್ರ ಹಾಡಬೇಕು. ಒಬ್ಬರು ಒಂದು ಹಾಡನ್ನು ಹಾಡಲು ಮಾತ್ರ ಅವಕಾಶ; ಪದವಿ, ಸಿಬ್ಬಂದಿ, ಸಾರ್ವಜನಿಕ ವಿಭಾಗದಲ್ಲಿ ಸಮೂಹ ಗಾಯನಕ್ಕೆ ಮಾತ್ರ ಅವಕಾಶ; ಹಾಡಲು ಗರಿಷ್ಠ ಅವಧಿ 4 ನಿಮಿಷಗಳು. ಹೆಚ್ಚು ಪ್ರತಿನಿಧಿಸುವುದಕ್ಕೆ ಅನ್ವಯಿಸುತ್ತದೆ. ಸಮೂಹ ಗಾಯನದ ಭಾಗವಾಗಿ ಕನಕದಾಸರ ಕೀರ್ತನೆಗಳನ್ನು ಮಾತ್ರ ಹಾಡಬೇಕು.
searchcenter2008@gmail.com
ಅಥವಾ ವಾಟ್ಸಪ್ ನಂಬರ್ 8310300875 / 9632346126 ಈ ಸಂಖ್ಯೆಯ ಮೂಲಕ ತಮ್ಮ ಹೆಸರನ್ನು ನೋಂದಾಯಿಸಿಕೊಳ್ಳಬಹುದು.
ಕಿಂಕಿಣಿ ತ್ರಿಂಶತ್ ಸಂಭ್ರಮದ ಹಿನ್ನೆಲೆಯಲ್ಲಿ ನಡೆದ ನೃತ್ಯ ರತ್ನಶೋಧದ 2025ಕ್ಕೆ ಚಾಲನೆ ನೀಡಿ ಉಳ್ಳಾಲ ಮೋಹನ್ ಕುಮಾರ್
ಒಂದೇ ವೇದಿಕೆಯಲ್ಲಿ ಭರತನಾಟ್ಯದ ವಿವಿಧ ಶೈಲಿಗಳು ಅನಾವರಣ
◆ ಮಂಗಳೂರು: ರಾಷ್ಟ್ರಮಟ್ಟದ ಭರತನಾಟ್ಯ ಸ್ಪರ್ಧೆಯನ್ನು ಆಯೋಜಿಸಿರುವುದರಿಂದ ಭರತನಾಟ್ಯದ ವಿವಿಧ ಶೈಲಿ (ಶೈಲಿಗಳು) ಒಂದೇ ವೇದಿಕೆಯಲ್ಲಿ ಅನಾವರಣಗೊಂಡಿದೆ. ದೇಶದ ನಾನಾ ಭಾಗಗಳಲ್ಲಿನ ಗುರುಗಳ ಭರತನಾಟ್ಯ ಶೈಲಿಯು ಒಂದೇ ವೇದಿಕೆಯಲ್ಲಿ ಪ್ರಸ್ತುತವಾಗುವ ಮೂಲಕ ನೃತ್ಯಸಂಗಮವಾಗಿದೆ ಎಂದು ನಾಟ್ಯಾಚಾರ್ಯ ಉಳ್ಳಾಲ ಮೋಹನ್ ಕುಮಾರ್ ಹೇಳಿದರು. ನಗರದ ಕೊಡಿಯಾಲ್‌ಬೈಲ್ ಭರತಾಂಜಲಿಯಲ್ಲಿ ಕಿಂಕಿಣಿ ತ್ರಿಂಶತ್ ಸಂಭ್ರಮದ ಹಿನ್ನೆಲೆಯಲ್ಲಿ ನಡೆದ ನೃತ್ಯ ರತ್ನಶೋಧ 2025ಕ್ಕೆ ಚಾಲನೆ ನೀಡಿ ಮಾತನಾಡಿದರು.
NRITYA RATNA SHODHA 2025
ಕಲಾವಿದ ಮುಂದುವರಿಯಲು ಪ್ರೇರಣೆಯಾಗಿದೆ. ಈ ಸ್ಪರ್ಧೆಯು ರಾಷ್ಟ್ರಮಟ್ಟದ ಭರತನಾಟ್ಯ ಸ್ಪರ್ಧೆಗಳಲ್ಲಿ ಶ್ರೇಷ್ಠವೂ ಹೌದು ಎಂದರು.
ದೇಶದ ವಿವಿಧ ರಾಜ್ಯಗಳಿಂದ ಬಂದ ಯುವ ಕಲಾವಿದರು ತಮ್ಮ ಪ್ರತಿಭೆಯನ್ನು ಪ್ರದರ್ಶಿಸಿದರು. ಈ ವೇದಿಕೆ ಅತ್ಯುತ್ತಮ ಅವಕಾಶ. ಅನೇಕರು ತಮ್ಮ ಗುರು ಮಾರ್ಗದರ್ಶನದಲ್ಲಿ ಪಾಲ್ಗೊಂಡರು. ಕಲಾವಿದರ ಕಲಾ ವೈಭವ ತೆರೆದಿಟ್ಟಿತು. ಸ್ಪರ್ಧಿಗಳ ಪ್ರತಿಭೆಯನ್ನು ತೀರ್ಪುಗಾರರು ಗುರುತಿಸಿದರು.
ನೃತ್ಯ ರತ್ನ ಶೋಧ 2025 ವಿಜೇತರು
ಹಿರಿಯ ವಿಭಾಗದಲ್ಲಿ ಪ್ರಥಮ ಉಡುಪಿ ಜಾನಕಿ ಡಿ.ವಿ. (ಗುರುಗಳು-ಡಾ. ಮಂಜರಿ ಚಂದ್ರ), ದ್ವಿತೀಯ ಮುಂಬಯಿಯ ಸಾಕ್ಷಿ ಪೈ (ಗುರುಗಳು-ಪವಿತ್ರಾ ಭಟ್ ಮತ್ತು ಅಪರ್ಣಾ ಶಾಸ್ತ್ರಿ ಭಟ್), ತೃತೀಯ ಕುಂದಾಪುರದ ಯುಕ್ತಿ ಉಡುಪ (ಗುರುಗಳು-ಪವಿತ್ರಾ ಅಶೋಕ್)
ಕಿರಿಯರ ವಿಭಾಗ
ಪ್ರಥಮ: ಬೆಂಗಳೂರಿನ ವಿಭಾ ರಾಘವೇಂದ್ರ (ಗುರುಗಳು-ಪಾರ್ಶ್ವನಾಥ ಉಪಾಧ್ಯೆ, ಶ್ರುತಿ ಗೋಪಾಲ್, ಆದಿತ್ಯ ಪಿ.ವಿ.), ದ್ವಿತೀಯ ಉಡುಪಿಯ ಸಾನ್ವಿ ರಾಜೇಶ್, ತೃತೀಯ ಉಡುಪಿಯ ಮಾನ್ಸಿ ಕೆ. ಕೋಟ್ಯಾನ್ (ಗುರುಗಳು-ಡಾ.ಮಂಜರಿ ಚಂದ್ರ).
ರಾಷ್ಟ್ರಪತಿ ಪುರಸ್ಕೃತ ನಾಟ್ಯಗುರು ಉಳ್ಳಾಲ ಮೋಹನ್ ಕುಮಾರ್ ಹೇಳಿದರು. ಶ್ರೀಧರ ಹೊಳ್ಳ ಸ್ವಾಗತಿಸಿ, ವಿದುಷಿ ಪ್ರತಿಮಾ ಶ್ರೀಧರ್ ವಂದಿಸಿದರು. ನೃತ್ಯ ಗುರುಗಳಾದ ವಿದುಷಿ ಅಯನಾ ಪೆರ್ಲ ಕಾರ್ಯಕ್ರಮ ನಿರೂಪಿಸಿದರು.
